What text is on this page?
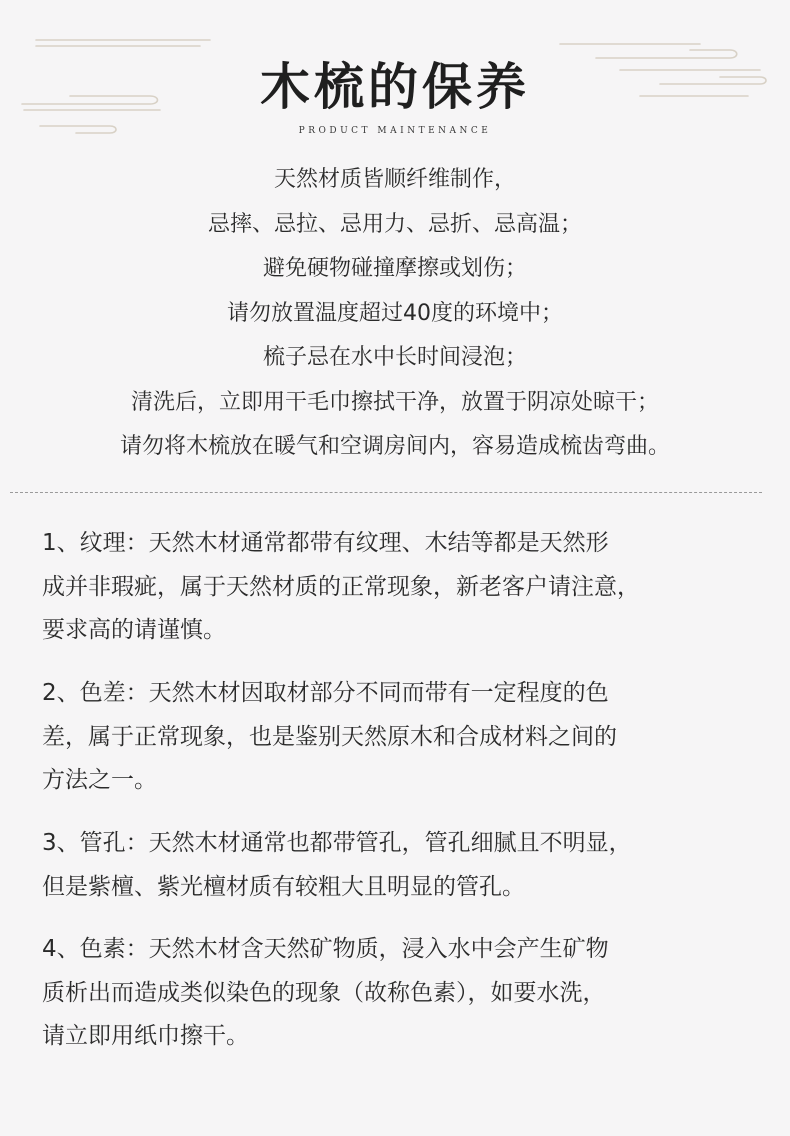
木梳的保养
PRODUCT MAINTENANCE
天然材质皆顺纤维制作，
忌摔、忌拉、忌用力、忌折、忌高温；
避免硬物碰撞摩擦或划伤；
请勿放置温度超过40度的环境中；
梳子忌在水中长时间浸泡；
清洗后，立即用干毛巾擦拭干净，放置于阴凉处晾干；
请勿将木梳放在暖气和空调房间内，容易造成梳齿弯曲。
1、纹理：天然木材通常都带有纹理、木结等都是天然形
成并非瑕疵，属于天然材质的正常现象，新老客户请注意，
要求高的请谨慎。
2、色差：天然木材因取材部分不同而带有一定程度的色
差，属于正常现象，也是鉴别天然原木和合成材料之间的
方法之一。
3、管孔：天然木材通常也都带管孔，管孔细腻且不明显，
但是紫檀、紫光檀材质有较粗大且明显的管孔。
4、色素：天然木材含天然矿物质，浸入水中会产生矿物
质析出而造成类似染色的现象（故称色素），如要水洗，
请立即用纸巾擦干。
